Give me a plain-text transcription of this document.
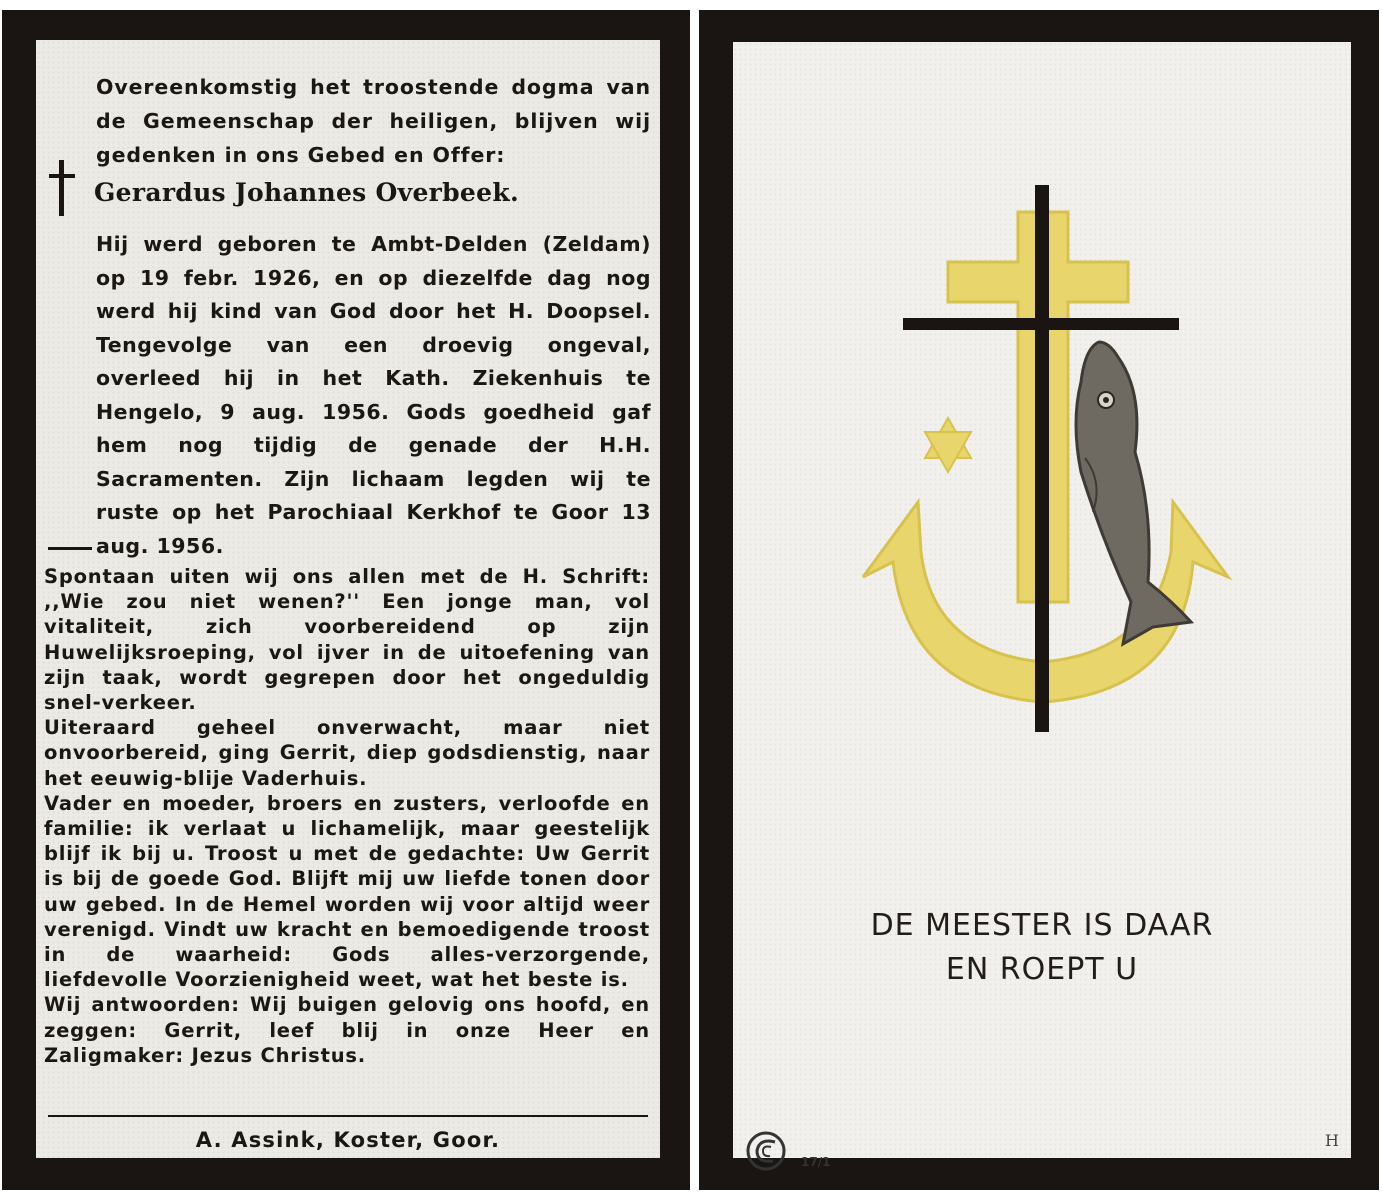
Overeenkomstig het troostende dogma van de Gemeenschap der heiligen, blijven wij gedenken in ons Gebed en Offer:
Gerardus Johannes Overbeek.

Hij werd geboren te Ambt-Delden (Zeldam) op 19 febr. 1926, en op diezelfde dag nog werd hij kind van God door het H. Doopsel. Tengevolge van een droevig ongeval, overleed hij in het Kath. Ziekenhuis te Hengelo, 9 aug. 1956. Gods goedheid gaf hem nog tijdig de genade der H.H. Sacramenten. Zijn lichaam legden wij te ruste op het Parochiaal Kerkhof te Goor 13 aug. 1956.

Spontaan uiten wij ons allen met de H. Schrift: ,,Wie zou niet wenen?'' Een jonge man, vol vitaliteit, zich voorbereidend op zijn Huwelijksroeping, vol ijver in de uitoefening van zijn taak, wordt gegrepen door het ongeduldig snel-verkeer.

Uiteraard geheel onverwacht, maar niet onvoorbereid, ging Gerrit, diep godsdienstig, naar het eeuwig-blije Vaderhuis.

Vader en moeder, broers en zusters, verloofde en familie: ik verlaat u lichamelijk, maar geestelijk blijf ik bij u. Troost u met de gedachte: Uw Gerrit is bij de goede God. Blijft mij uw liefde tonen door uw gebed. In de Hemel worden wij voor altijd weer verenigd. Vindt uw kracht en bemoedigende troost in de waarheid: Gods alles-verzorgende, liefdevolle Voorzienigheid weet, wat het beste is.

Wij antwoorden: Wij buigen gelovig ons hoofd, en zeggen: Gerrit, leef blij in onze Heer en Zaligmaker: Jezus Christus.

A. Assink, Koster, Goor.
DE MEESTER IS DAAR
EN ROEPT U
17/1
H
